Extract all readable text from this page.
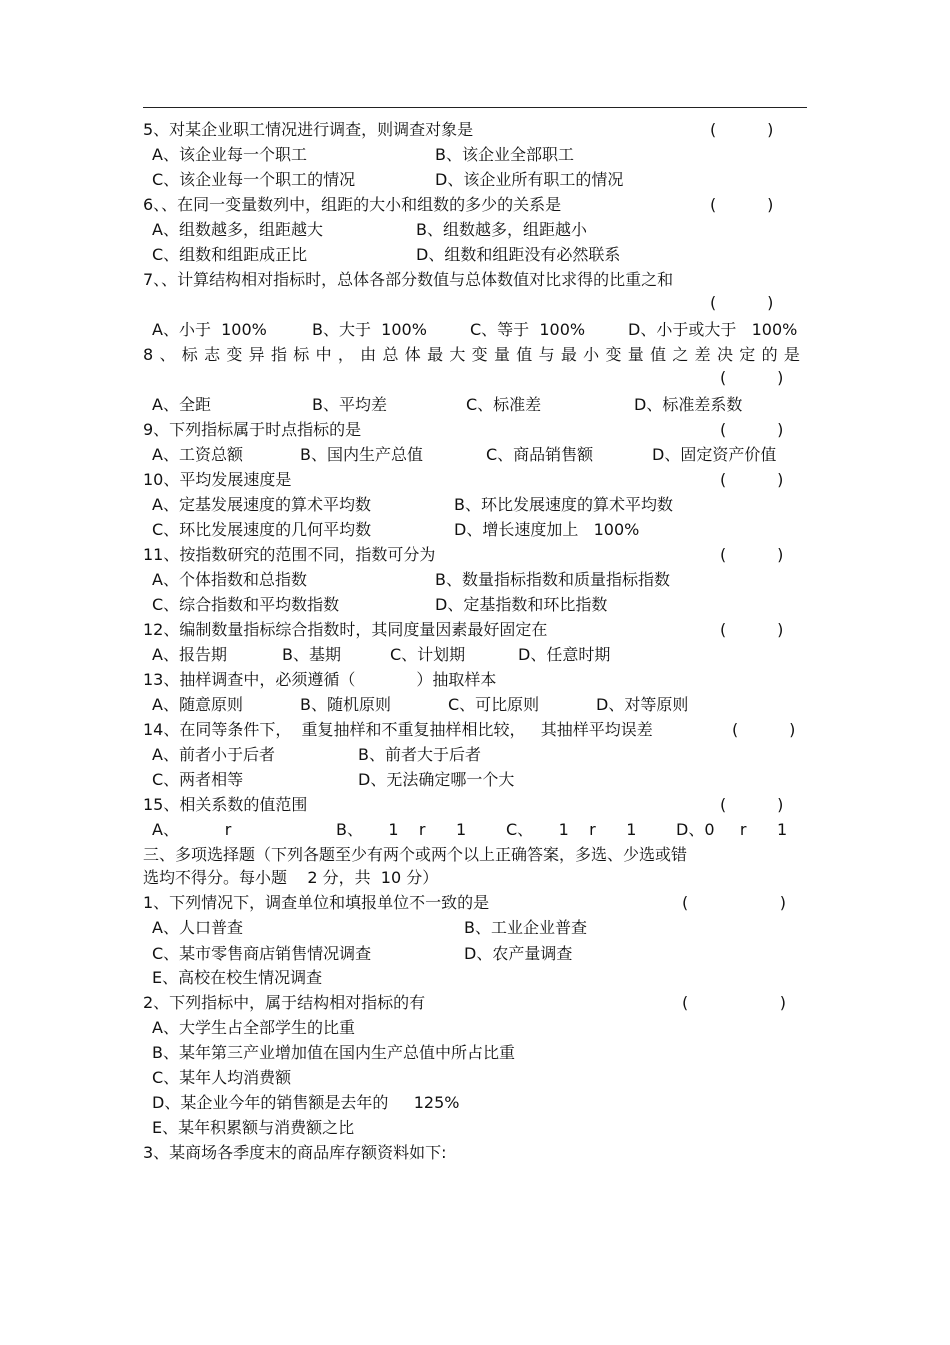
5、对某企业职工情况进行调查，则调查对象是	(          )
A、该企业每一个职工	B、该企业全部职工
C、该企业每一个职工的情况	D、该企业所有职工的情况
6、、在同一变量数列中，组距的大小和组数的多少的关系是	(          )
A、组数越多，组距越大	B、组数越多，组距越小
C、组数和组距成正比	D、组数和组距没有必然联系
7、、计算结构相对指标时，总体各部分数值与总体数值对比求得的比重之和
(          )
A、小于  100%	B、大于  100%	C、等于  100%	D、小于或大于   100%
8、标志变异指标中，由总体最大变量值与最小变量值之差决定的是
(          )
A、全距	B、平均差	C、标准差	D、标准差系数
9、下列指标属于时点指标的是	(          )
A、工资总额	B、国内生产总值	C、商品销售额	D、固定资产价值
10、平均发展速度是	(          )
A、定基发展速度的算术平均数	B、环比发展速度的算术平均数
C、环比发展速度的几何平均数	D、增长速度加上   100%
11、按指数研究的范围不同，指数可分为	(          )
A、个体指数和总指数	B、数量指标指数和质量指标指数
C、综合指数和平均数指数	D、定基指数和环比指数
12、编制数量指标综合指数时，其同度量因素最好固定在	(          )
A、报告期	B、基期	C、计划期	D、任意时期
13、抽样调查中，必须遵循（            ）抽取样本
A、随意原则	B、随机原则	C、可比原则	D、对等原则
14、在同等条件下，  重复抽样和不重复抽样相比较，   其抽样平均误差	(          )
A、前者小于后者	B、前者大于后者
C、两者相等	D、无法确定哪一个大
15、相关系数的值范围	(          )
A、         r	B、     1    r      1 C、     1    r      1 D、0     r      1
三、多项选择题（下列各题至少有两个或两个以上正确答案，多选、少选或错
选均不得分。每小题    2 分，共  10 分）
1、下列情况下，调查单位和填报单位不一致的是	(                  )
A、人口普查	B、工业企业普查
C、某市零售商店销售情况调查	D、农产量调查
E、高校在校生情况调查
2、下列指标中，属于结构相对指标的有	(                  )
A、大学生占全部学生的比重
B、某年第三产业增加值在国内生产总值中所占比重
C、某年人均消费额
D、某企业今年的销售额是去年的     125%
E、某年积累额与消费额之比
3、某商场各季度末的商品库存额资料如下:
